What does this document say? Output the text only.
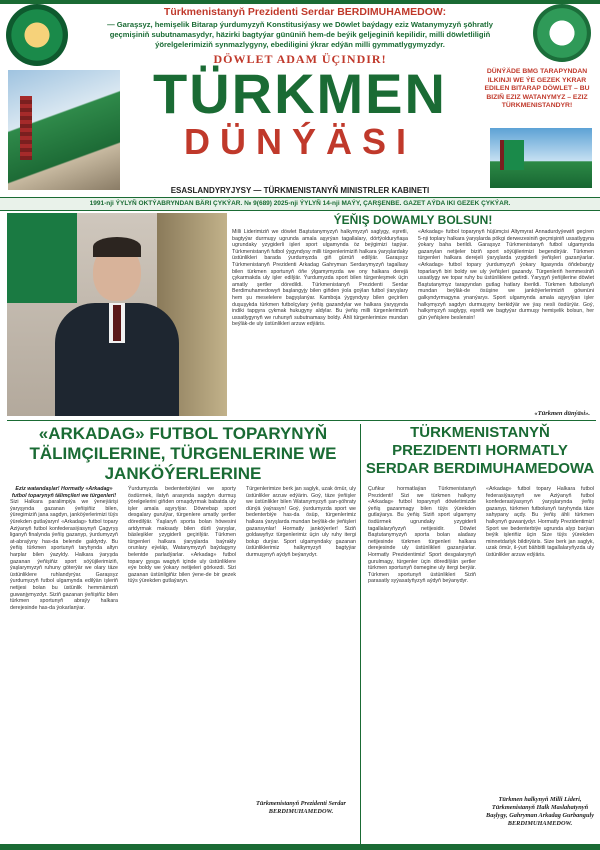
Türkmenistanyň Prezidenti Serdar BERDIMUHAMEDOW:
— Garaşsyz, hemişelik Bitarap ýurdumyzyň Konstitusiýasy we Döwlet baýdagy eziz Watanymyzyň şöhratly geçmişiniň subutnamasydyr, häzirki bagtyýar gününiň hem-de beýik geljeginiň kepilidir, milli döwletliligiň ýörelgelerimiziň synmazlygyny, ebediligini ýkrar edýän milli gymmatlygymyzdyr.
DÖWLET ADAM ÜÇINDIR!
TÜRKMEN
DÜNÝÄSI
DÜNÝÄDE BMG TARAPYNDAN ILKINJI WE ÝE GEZEK YKRAR EDILEN BITARAP DÖWLET – BU BIZIŇ EZIZ WATANYMYZ – EZIZ TÜRKMENISTANDYR!
ESASLANDYRYJYSY — TÜRKMENISTANYŇ MINISTRLER KABINETI
1991-nji ÝYLYŇ OKTÝABRYNDAN BÄRI ÇYKÝAR. № 9(689) 2025-nji ÝYLYŇ 14-nji MAÝY, ÇARŞENBE. GAZET AÝDA IKI GEZEK ÇYKÝAR.
ÝEŇIŞ DOWAMLY BOLSUN!
Milli Liderimiziň we döwlet Baştutanymyzyň halkymyzyň saglygy, eşretli, bagtyýar durmuşy ugrunda amala aşyrýan tagallalary, dörtýolduryňaşa ugrundaky yzygiderli işleri sport ulgamynda öz beýgimizi tapýar. Türkmenistanyň futbol ýygyndysy milli türgenlerimiziň halkara ýaryşlardaky üstünlikleri barada ýurdumyzda giň gürrüň edilýär. Garaşsyz Türkmenistanyň Prezidenti Arkadag Gahryman Serdarymyzyň tagallasy bilen türkmen sportunyň öňe ýlgamymyzda we ony halkara derejä çykarmakda uly işler edilýär. Ýurdumyzda sport bilen türgenleşmek üçin amatly şertler döredildi. Türkmenistanyň Prezidenti Serdar Berdimuhamedowyň başlangyjy bilen giňden ýola goýlan futbol ýaryşlary hem şu meselelere bagyşlanýar. Kamboja ýygyndysy bilen geçirilen duşuşykda türkmen futbolçylary ýeňiş gazandylar we halkara ýaryşynda indiki tapgyra çykmak hukugyny aldylar. Bu ýeňiş milli türgenlerimiziň ussatlygynyň we ruhunyň subutnamasy boldy. Ähli türgenlerimize mundan beýläk-de uly üstünlikleri arzuw edýäris.
«Arkadag» futbol toparynyň hüjümçisi Altymyrat Annadurdyýewiň geçiren 5-nji toplary halkara ýaryşlarda pökgi derwezesiniň geçmişiniň ussatlygyna ýokary baha berildi. Garaşsyz Türkmenistanyň futbol ulgamynda gazanylan netijeler biziň sport söýüjilerimizi begendirýär. Türkmen türgenleri halkara derejeli ýaryşlarda yzygiderli ýeňişleri gazanýarlar. «Arkadag» futbol topary ýurdumyzyň ýokary ligasynda öňdebaryjy toparlaryň biri boldy we uly ýeňişleri gazandy. Türgenleriň hemmesiniň ussatlygy we topar ruhy bu üstünliklere getirdi. Ýaryşyň ýeňijilerine döwlet Baştutanymyz tarapyndan gutlag hatlary iberildi. Türkmen futbolunyň mundan beýläk-de ösüşine we janköýerlerimiziň göwnüni galkyndyrmagyna ynanýarys. Sport ulgamynda amala aşyrylýan işler halkymyzyň sagdyn durmuşyny berkidýär we ýaş nesli ösdürýär. Goý, halkymyzyň saglygy, eşretli we bagtyýar durmuşy hemişelik bolsun, her gün ýeňişlere beslensin!
«Türkmen dünýäsi».
«ARKADAG» FUTBOL TOPARYNYŇ TÄLIMÇILERINE, TÜRGENLERINE WE JANKÖÝERLERINE
Eziz watandaşlar! Hormatly «Arkadag» futbol toparynyň tälimçileri we türgenleri!
Sizi Halkara paralimpiýa we ýeneýärişi ýaryşynda gazanan ýeňişiňiz bilen, ýüregimiziň jana sagdyn, janköýerlerimizi tüýs ýürekden gutlaýaryn! «Arkadag» futbol topary Aziýanyň futbol konfederasiýasynyň Çagyryş liganyň finalynda ýeňiş gazanyp, ýurdumyzyň at-abraýyny has-da belende galdyrdy. Bu ýeňiş türkmen sportunyň taryhynda altyn harplar bilen ýazyldy. Halkara ýaryşda gazanan ýeňişiňiz sport söýüjilerimiziň, ýaşlarymyzyň ruhuny göterýär we olary täze üstünliklere ruhlandyrýar. Garaşsyz ýurdumyzyň futbol ulgamynda edilýän işleriň netijesi bolan bu üstünlik hemmämiziň guwanjymyzdyr. Siziň gazanan ýeňişiňiz bilen türkmen sportunyň abraýy halkara derejesinde has-da ýokarlanýar.
Ýurdumyzda bedenterbiýäni we sporty ösdürmek, ilatyň arasynda sagdyn durmuş ýörelgelerini giňden ornaşdyrmak babatda uly işler amala aşyrylýar. Döwrebap sport desgalary gurulýar, türgenlere amatly şertler döredilýär. Ýaşlaryň sporta bolan höwesini artdyrmak maksady bilen dürli ýaryşlar, bäsleşikler yzygiderli geçirilýär. Türkmen türgenleri halkara ýaryşlarda baýrakly orunlary eýeläp, Watanymyzyň baýdagyny belentde parladýarlar. «Arkadag» futbol topary gysga wagtyň içinde uly üstünliklere eýe boldy we ýokary netijeleri görkezdi. Sizi gazanan üstünligiňiz bilen ýene-de bir gezek tüýs ýürekden gutlaýaryn.
Türgenlerimize berk jan saglyk, uzak ömür, uly üstünlikler arzuw edýärin. Goý, täze ýeňişler we üstünlikler bilen Watanymyzyň şan-şöhraty dünýä ýaýrasyn! Goý, ýurdumyzda sport we bedenterbiýe has-da ösüp, türgenlerimiz halkara ýaryşlarda mundan beýläk-de ýeňişleri gazansynlar! Hormatly janköýerler! Siziň goldawyňyz türgenlerimiz üçin uly ruhy itergi bolup durýar. Sport ulgamyndaky gazanan üstünliklerimiz halkymyzyň bagtyýar durmuşynyň aýdyň beýanydyr.
Türkmenistanyň Prezidenti Serdar BERDIMUHAMEDOW.
TÜRKMENISTANYŇ PREZIDENTI HORMATLY SERDAR BERDIMUHAMEDOWA
Çuňkur hormatlaýan Türkmenistanyň Prezidenti! Sizi we türkmen halkyny «Arkadag» futbol toparynyň döwletimizde ýeňiş gazanmagy bilen tüýs ýürekden gutlaýarys. Bu ýeňiş Siziň sport ulgamyny ösdürmek ugrundaky yzygiderli tagallalaryňyzyň netijesidir. Döwlet Baştutanymyzyň sporta bolan aladasy netijesinde türkmen türgenleri halkara derejesinde uly üstünlikleri gazanýarlar. Hormatly Prezidentimiz! Sport desgalarynyň gurulmagy, türgenler üçin döredilýän şertler türkmen sportunyň ösmegine uly itergi berýär. Türkmen sportunyň üstünlikleri Siziň parasatly syýasatyňyzyň aýdyň beýanydyr.
«Arkadag» futbol topary Halkara futbol federasiýasynyň we Aziýanyň futbol konfederasiýasynyň ýaryşlarynda ýeňiş gazanyp, türkmen futbolunyň taryhynda täze sahypany açdy. Bu ýeňiş ähli türkmen halkynyň guwanjydyr. Hormatly Prezidentimiz! Sport we bedenterbiýe ugrunda alyp barýan beýik işleriňiz üçin Size tüýs ýürekden minnetdarlyk bildirýäris. Size berk jan saglyk, uzak ömür, il-ýurt bähbitli tagallalaryňyzda uly üstünlikler arzuw edýäris.
Türkmen halkynyň Milli Lideri, Türkmenistanyň Halk Maslahatynyň Başlygy, Gahryman Arkadag Gurbanguly BERDIMUHAMEDOW.
